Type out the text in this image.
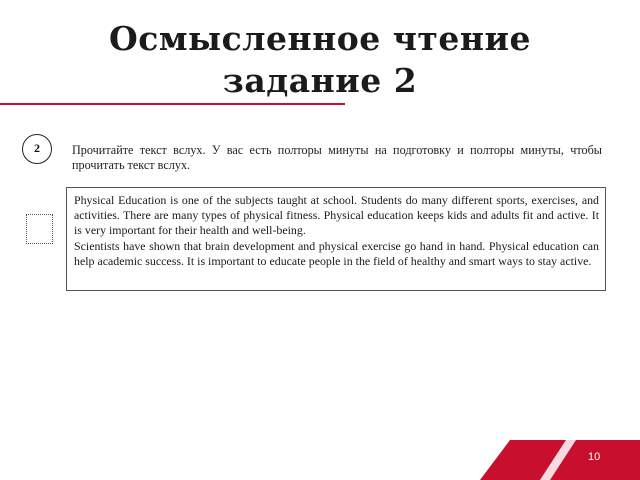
Осмысленное чтение
задание 2
2	Прочитайте текст вслух. У вас есть полторы минуты на подготовку и полторы минуты, чтобы прочитать текст вслух.

Physical Education is one of the subjects taught at school. Students do many different sports, exercises, and activities. There are many types of physical fitness. Physical education keeps kids and adults fit and active. It is very important for their health and well-being.

Scientists have shown that brain development and physical exercise go hand in hand. Physical education can help academic success. It is important to educate people in the field of healthy and smart ways to stay active.

10
